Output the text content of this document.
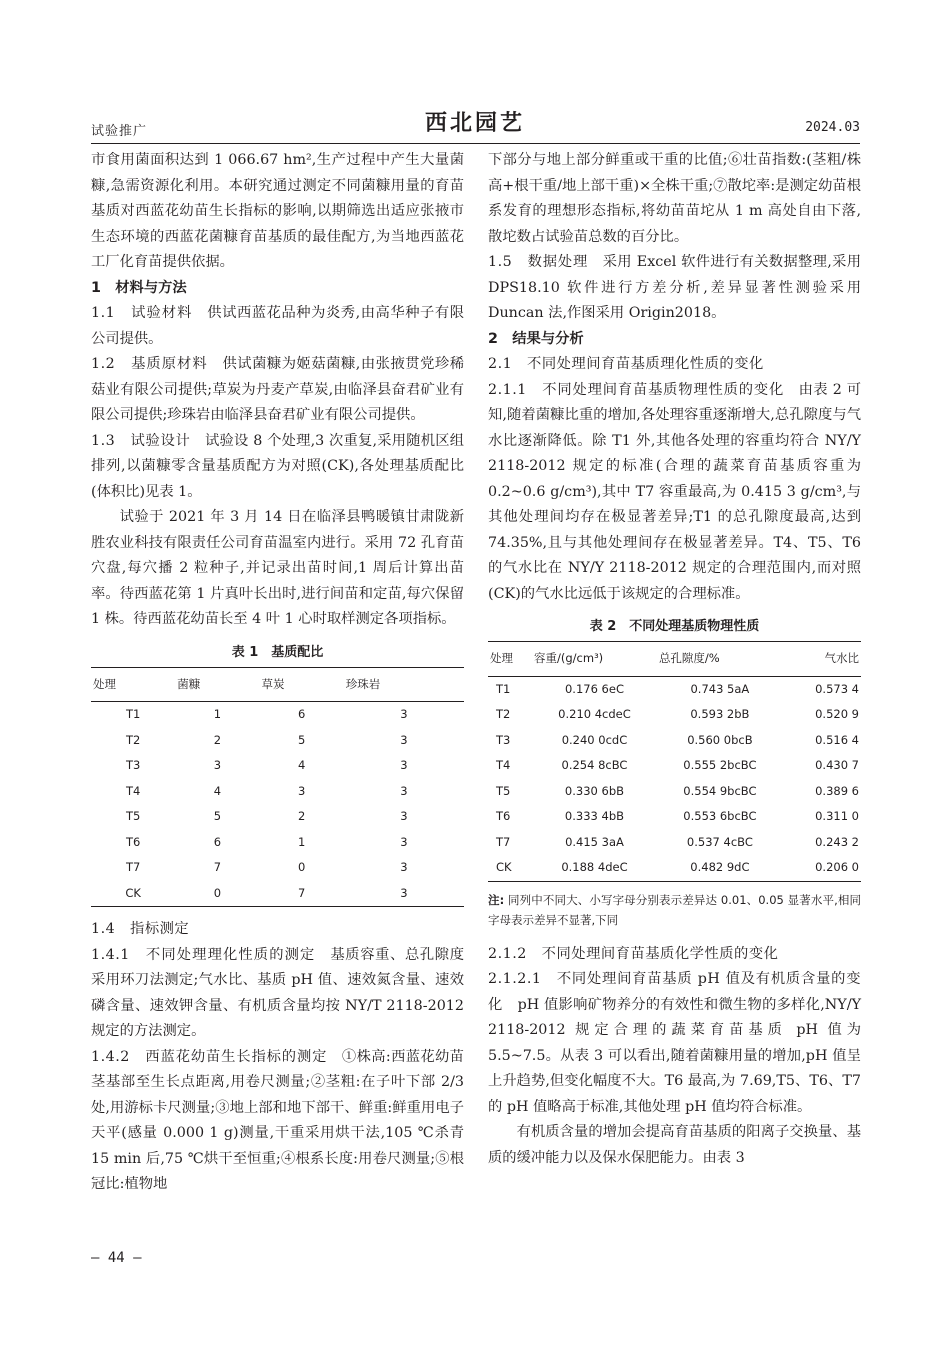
试验推广	西北园艺	2024.03

市食用菌面积达到 1 066.67 hm²,生产过程中产生大量菌糠,急需资源化利用。本研究通过测定不同菌糠用量的育苗基质对西蓝花幼苗生长指标的影响,以期筛选出适应张掖市生态环境的西蓝花菌糠育苗基质的最佳配方,为当地西蓝花工厂化育苗提供依据。

1　材料与方法

1.1　试验材料　 供试西蓝花品种为炎秀,由高华种子有限公司提供。

1.2　基质原材料　 供试菌糠为姬菇菌糠,由张掖贯党珍稀菇业有限公司提供;草炭为丹麦产草炭,由临泽县奋君矿业有限公司提供;珍珠岩由临泽县奋君矿业有限公司提供。

1.3　试验设计　 试验设 8 个处理,3 次重复,采用随机区组排列,以菌糠零含量基质配方为对照(CK),各处理基质配比(体积比)见表 1。

试验于 2021 年 3 月 14 日在临泽县鸭暖镇甘肃陇新胜农业科技有限责任公司育苗温室内进行。采用 72 孔育苗穴盘,每穴播 2 粒种子,并记录出苗时间,1 周后计算出苗率。待西蓝花第 1 片真叶长出时,进行间苗和定苗,每穴保留 1 株。待西蓝花幼苗长至 4 叶 1 心时取样测定各项指标。

表 1　基质配比

处理	菌糠	草炭	珍珠岩
T1	1	6	3
T2	2	5	3
T3	3	4	3
T4	4	3	3
T5	5	2	3
T6	6	1	3
T7	7	0	3
CK	0	7	3

1.4　指标测定

1.4.1　不同处理理化性质的测定　 基质容重、总孔隙度采用环刀法测定;气水比、基质 pH 值、速效氮含量、速效磷含量、速效钾含量、有机质含量均按 NY/T 2118-2012 规定的方法测定。

1.4.2　西蓝花幼苗生长指标的测定　 ①株高:西蓝花幼苗茎基部至生长点距离,用卷尺测量;②茎粗:在子叶下部 2/3 处,用游标卡尺测量;③地上部和地下部干、鲜重:鲜重用电子天平(感量 0.000 1 g)测量,干重采用烘干法,105 ℃杀青 15 min 后,75 ℃烘干至恒重;④根系长度:用卷尺测量;⑤根冠比:植物地

下部分与地上部分鲜重或干重的比值;⑥壮苗指数:(茎粗/株高+根干重/地上部干重)×全株干重;⑦散坨率:是测定幼苗根系发育的理想形态指标,将幼苗苗坨从 1 m 高处自由下落,散坨数占试验苗总数的百分比。

1.5　数据处理　 采用 Excel 软件进行有关数据整理,采用 DPS18.10 软件进行方差分析,差异显著性测验采用 Duncan 法,作图采用 Origin2018。

2　结果与分析

2.1　不同处理间育苗基质理化性质的变化

2.1.1　不同处理间育苗基质物理性质的变化　 由表 2 可知,随着菌糠比重的增加,各处理容重逐渐增大,总孔隙度与气水比逐渐降低。除 T1 外,其他各处理的容重均符合 NY/Y 2118-2012 规定的标准(合理的蔬菜育苗基质容重为 0.2~0.6 g/cm³),其中 T7 容重最高,为 0.415 3 g/cm³,与其他处理间均存在极显著差异;T1 的总孔隙度最高,达到 74.35%,且与其他处理间存在极显著差异。T4、T5、T6 的气水比在 NY/Y 2118-2012 规定的合理范围内,而对照(CK)的气水比远低于该规定的合理标准。

表 2　不同处理基质物理性质

处理	容重/(g/cm³)	总孔隙度/%	气水比
T1	0.176 6eC	0.743 5aA	0.573 4
T2	0.210 4cdeC	0.593 2bB	0.520 9
T3	0.240 0cdC	0.560 0bcB	0.516 4
T4	0.254 8cBC	0.555 2bcBC	0.430 7
T5	0.330 6bB	0.554 9bcBC	0.389 6
T6	0.333 4bB	0.553 6bcBC	0.311 0
T7	0.415 3aA	0.537 4cBC	0.243 2
CK	0.188 4deC	0.482 9dC	0.206 0
注: 同列中不同大、小写字母分别表示差异达 0.01、0.05 显著水平,相同字母表示差异不显著,下同

2.1.2　不同处理间育苗基质化学性质的变化

2.1.2.1　不同处理间育苗基质 pH 值及有机质含量的变化　 pH 值影响矿物养分的有效性和微生物的多样化,NY/Y 2118-2012 规定合理的蔬菜育苗基质 pH 值为 5.5~7.5。从表 3 可以看出,随着菌糠用量的增加,pH 值呈上升趋势,但变化幅度不大。T6 最高,为 7.69,T5、T6、T7 的 pH 值略高于标准,其他处理 pH 值均符合标准。

有机质含量的增加会提高育苗基质的阳离子交换量、基质的缓冲能力以及保水保肥能力。由表 3

— 44 —
